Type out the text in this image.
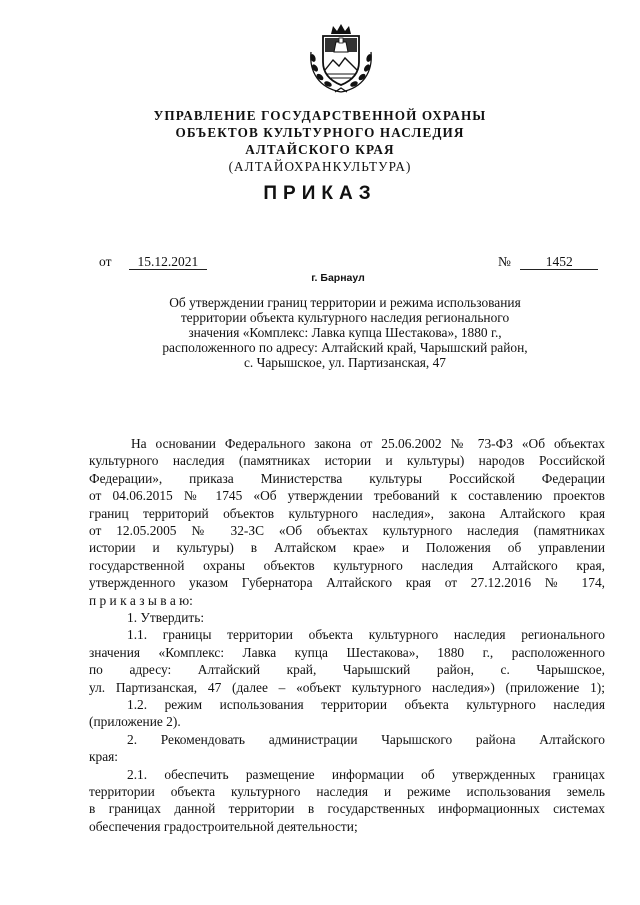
УПРАВЛЕНИЕ ГОСУДАРСТВЕННОЙ ОХРАНЫ
ОБЪЕКТОВ КУЛЬТУРНОГО НАСЛЕДИЯ
АЛТАЙСКОГО КРАЯ
(АЛТАЙОХРАНКУЛЬТУРА)
ПРИКАЗ
от 15.12.2021	№	1452
г. Барнаул
Об утверждении границ территории и режима использования
территории объекта культурного наследия регионального
значения «Комплекс: Лавка купца Шестакова», 1880 г.,
расположенного по адресу: Алтайский край, Чарышский район,
с. Чарышское, ул. Партизанская, 47
На основании Федерального закона от 25.06.2002 № 73-ФЗ «Об объектах
культурного наследия (памятниках истории и культуры) народов Российской
Федерации», приказа Министерства культуры Российской Федерации
от 04.06.2015 № 1745 «Об утверждении требований к составлению проектов
границ территорий объектов культурного наследия», закона Алтайского края
от 12.05.2005 № 32-ЗС «Об объектах культурного наследия (памятниках
истории и культуры) в Алтайском крае» и Положения об управлении
государственной охраны объектов культурного наследия Алтайского края,
утвержденного указом Губернатора Алтайского края от 27.12.2016 № 174,
п р и к а з ы в а ю:
1. Утвердить:
1.1. границы территории объекта культурного наследия регионального
значения «Комплекс: Лавка купца Шестакова», 1880 г., расположенного
по адресу: Алтайский край, Чарышский район, с. Чарышское,
ул. Партизанская, 47 (далее – «объект культурного наследия») (приложение 1);
1.2. режим использования территории объекта культурного наследия
(приложение 2).
2. Рекомендовать администрации Чарышского района Алтайского
края:
2.1. обеспечить размещение информации об утвержденных границах
территории объекта культурного наследия и режиме использования земель
в границах данной территории в государственных информационных системах
обеспечения градостроительной деятельности;
